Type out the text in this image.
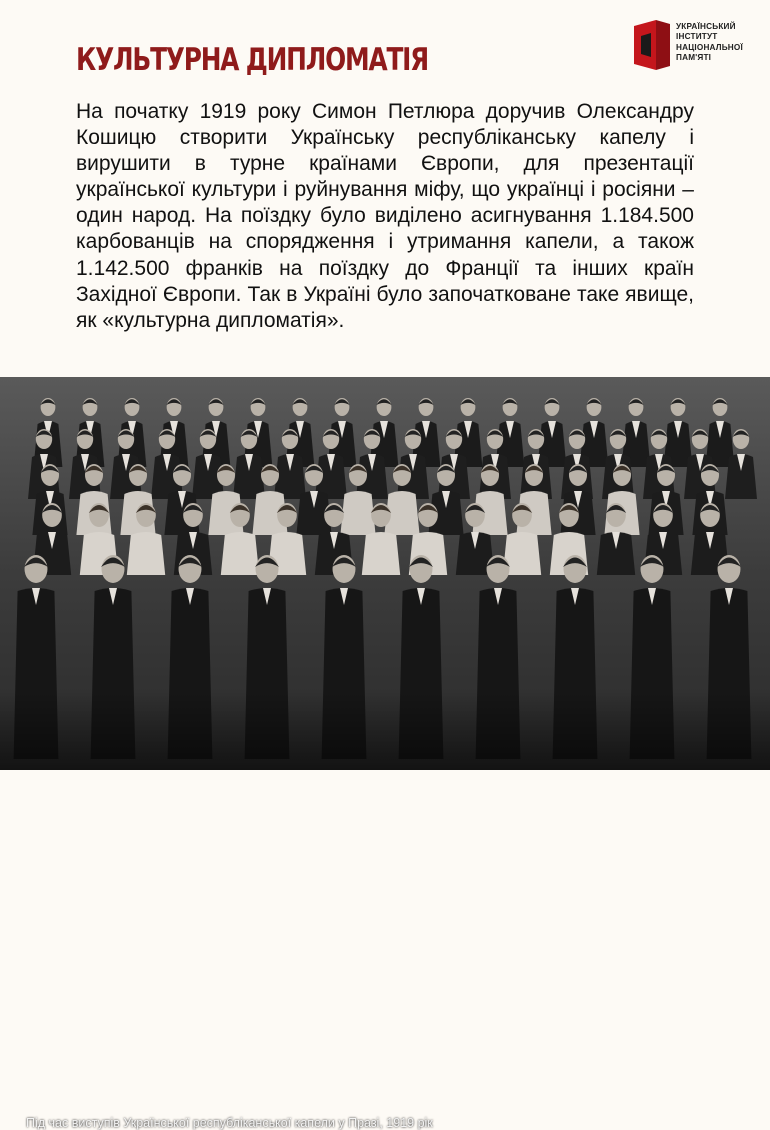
КУЛЬТУРНА ДИПЛОМАТІЯ
УКРАЇНСЬКИЙ
ІНСТИТУТ
НАЦІОНАЛЬНОЇ
ПАМ'ЯТІ

На початку 1919 року Симон Петлюра доручив Олександру Кошицю створити Українську республіканську капелу і вирушити в турне країнами Європи, для презентації української культури і руйнування міфу, що українці і росіяни – один народ. На поїздку було виділено асигнування 1.184.500 карбованців на спорядження і утримання капели, а також 1.142.500 франків на поїздку до Франції та інших країн Західної Європи. Так в Україні було започатковане таке явище, як «культурна дипломатія».

Під час виступів Української республіканської капели у Празі, 1919 рік
